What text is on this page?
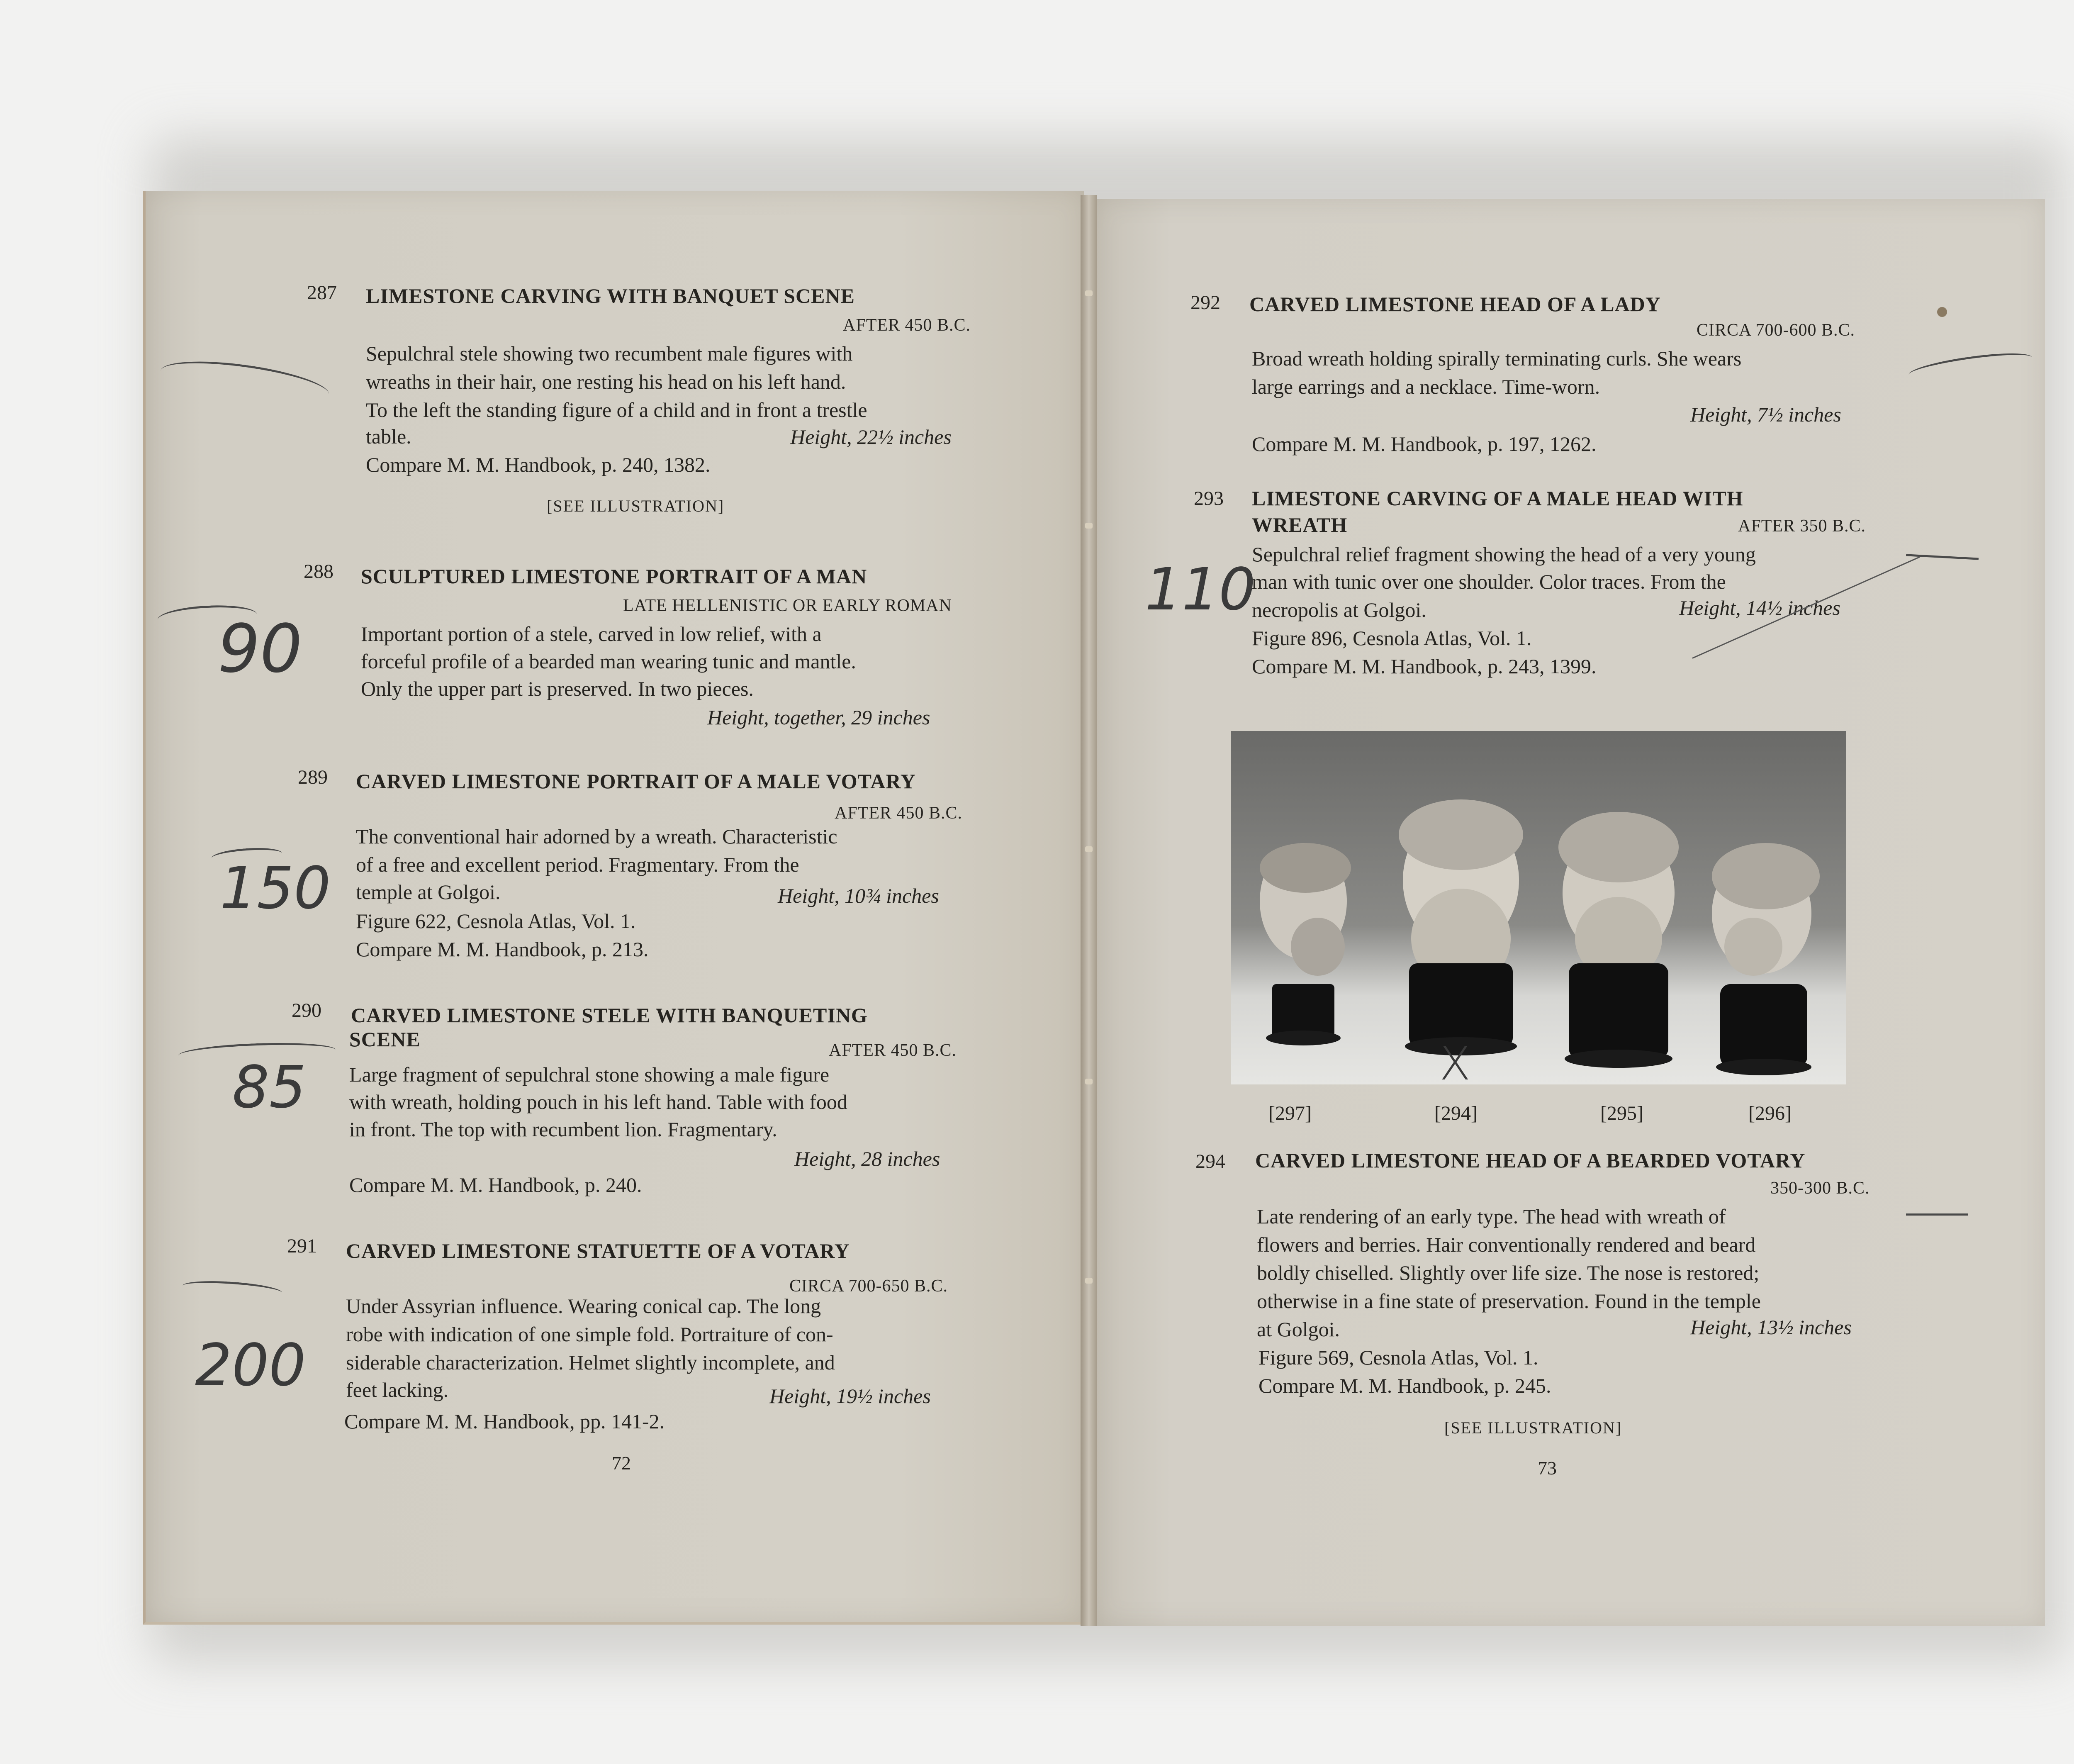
287 LIMESTONE CARVING WITH BANQUET SCENE
AFTER 450 B.C.
Sepulchral stele showing two recumbent male figures with
wreaths in their hair, one resting his head on his left hand.
To the left the standing figure of a child and in front a trestle
table.	Height, 22½ inches
Compare M. M. Handbook, p. 240, 1382.
[SEE ILLUSTRATION]
288 SCULPTURED LIMESTONE PORTRAIT OF A MAN
LATE HELLENISTIC OR EARLY ROMAN
Important portion of a stele, carved in low relief, with a
forceful profile of a bearded man wearing tunic and mantle.
Only the upper part is preserved. In two pieces.
Height, together, 29 inches
90
289 CARVED LIMESTONE PORTRAIT OF A MALE VOTARY
AFTER 450 B.C.
The conventional hair adorned by a wreath. Characteristic
of a free and excellent period. Fragmentary. From the
temple at Golgoi.	Height, 10¾ inches
Figure 622, Cesnola Atlas, Vol. 1.
Compare M. M. Handbook, p. 213.
150
290 CARVED LIMESTONE STELE WITH BANQUETING
SCENE	AFTER 450 B.C.
Large fragment of sepulchral stone showing a male figure
with wreath, holding pouch in his left hand. Table with food
in front. The top with recumbent lion. Fragmentary.
Height, 28 inches
Compare M. M. Handbook, p. 240.
85
291 CARVED LIMESTONE STATUETTE OF A VOTARY
CIRCA 700-650 B.C.
Under Assyrian influence. Wearing conical cap. The long
robe with indication of one simple fold. Portraiture of con-
siderable characterization. Helmet slightly incomplete, and
feet lacking.	Height, 19½ inches
Compare M. M. Handbook, pp. 141-2.
200
72
292 CARVED LIMESTONE HEAD OF A LADY
CIRCA 700-600 B.C.
Broad wreath holding spirally terminating curls. She wears
large earrings and a necklace. Time-worn.
Height, 7½ inches
Compare M. M. Handbook, p. 197, 1262.
293 LIMESTONE CARVING OF A MALE HEAD WITH
WREATH	AFTER 350 B.C.
Sepulchral relief fragment showing the head of a very young
man with tunic over one shoulder. Color traces. From the
necropolis at Golgoi.	Height, 14½ inches
Figure 896, Cesnola Atlas, Vol. 1.
Compare M. M. Handbook, p. 243, 1399.
110
X
[297]	[294]	[295]	[296]
294 CARVED LIMESTONE HEAD OF A BEARDED VOTARY
350-300 B.C.
Late rendering of an early type. The head with wreath of
flowers and berries. Hair conventionally rendered and beard
boldly chiselled. Slightly over life size. The nose is restored;
otherwise in a fine state of preservation. Found in the temple
at Golgoi.	Height, 13½ inches
Figure 569, Cesnola Atlas, Vol. 1.
Compare M. M. Handbook, p. 245.
[SEE ILLUSTRATION]
73
